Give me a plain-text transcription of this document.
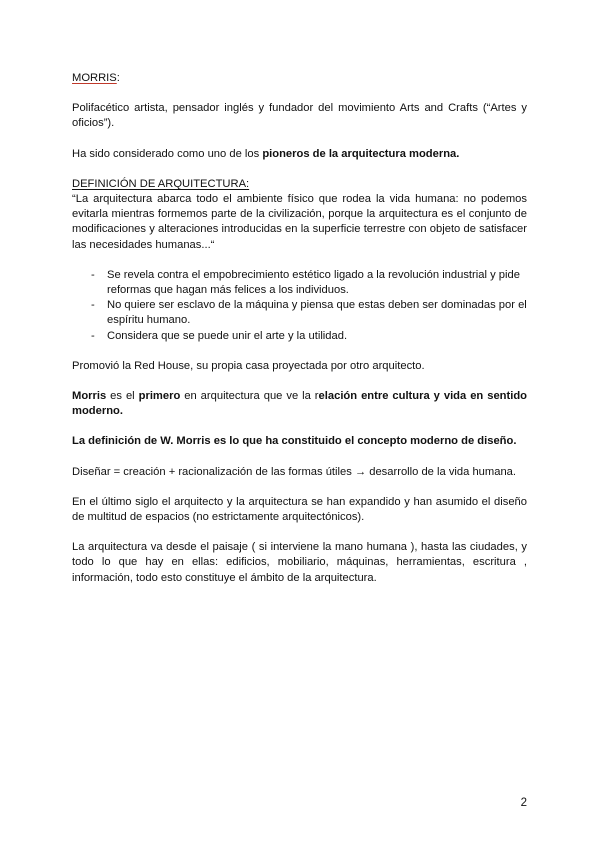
MORRIS:

Polifacético artista, pensador inglés y fundador del movimiento Arts and Crafts (“Artes y oficios”).

Ha sido considerado como uno de los pioneros de la arquitectura moderna.

DEFINICIÓN DE ARQUITECTURA:

“La arquitectura abarca todo el ambiente físico que rodea la vida humana: no podemos evitarla mientras formemos parte de la civilización, porque la arquitectura es el conjunto de modificaciones y alteraciones introducidas en la superficie terrestre con objeto de satisfacer las necesidades humanas...“

- Se revela contra el empobrecimiento estético ligado a la revolución industrial y pide reformas que hagan más felices a los individuos.
- No quiere ser esclavo de la máquina y piensa que estas deben ser dominadas por el espíritu humano.
- Considera que se puede unir el arte y la utilidad.

Promovió la Red House, su propia casa proyectada por otro arquitecto.

Morris es el primero en arquitectura que ve la relación entre cultura y vida en sentido moderno.

La definición de W. Morris es lo que ha constituido el concepto moderno de diseño.

Diseñar = creación + racionalización de las formas útiles → desarrollo de la vida humana.

En el último siglo el arquitecto y la arquitectura se han expandido y han asumido el diseño de multitud de espacios (no estrictamente arquitectónicos).

La arquitectura va desde el paisaje ( si interviene la mano humana ), hasta las ciudades, y todo lo que hay en ellas: edificios, mobiliario, máquinas, herramientas, escritura , información, todo esto constituye el ámbito de la arquitectura.

2
